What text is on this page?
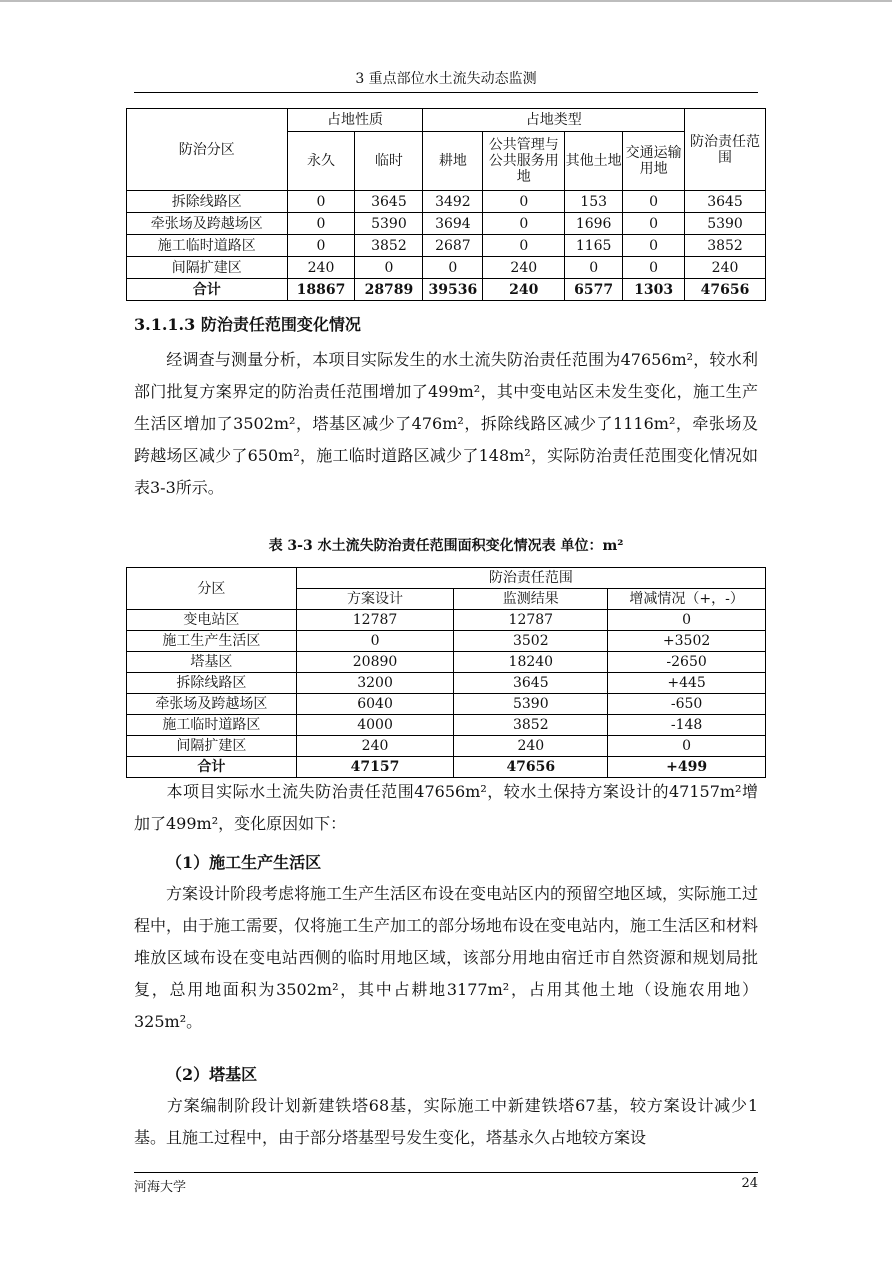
3 重点部位水土流失动态监测
防治分区	占地性质		占地类型				防治责任范围
	永久	临时	耕地	公共管理与公共服务用地	其他土地	交通运输用地	
拆除线路区	0	3645	3492	0	153	0	3645
牵张场及跨越场区	0	5390	3694	0	1696	0	5390
施工临时道路区	0	3852	2687	0	1165	0	3852
间隔扩建区	240	0	0	240	0	0	240
合计	18867	28789	39536	240	6577	1303	47656
3.1.1.3 防治责任范围变化情况
经调查与测量分析，本项目实际发生的水土流失防治责任范围为47656m²，较水利部门批复方案界定的防治责任范围增加了499m²，其中变电站区未发生变化，施工生产生活区增加了3502m²，塔基区减少了476m²，拆除线路区减少了1116m²，牵张场及跨越场区减少了650m²，施工临时道路区减少了148m²，实际防治责任范围变化情况如表3-3所示。
表 3-3 水土流失防治责任范围面积变化情况表 单位：m²
分区	防治责任范围		
	方案设计	监测结果	增减情况（+，-）
变电站区	12787	12787	0
施工生产生活区	0	3502	+3502
塔基区	20890	18240	-2650
拆除线路区	3200	3645	+445
牵张场及跨越场区	6040	5390	-650
施工临时道路区	4000	3852	-148
间隔扩建区	240	240	0
合计	47157	47656	+499
本项目实际水土流失防治责任范围47656m²，较水土保持方案设计的47157m²增加了499m²，变化原因如下：
（1）施工生产生活区
方案设计阶段考虑将施工生产生活区布设在变电站区内的预留空地区域，实际施工过程中，由于施工需要，仅将施工生产加工的部分场地布设在变电站内，施工生活区和材料堆放区域布设在变电站西侧的临时用地区域，该部分用地由宿迁市自然资源和规划局批复，总用地面积为3502m²，其中占耕地3177m²，占用其他土地（设施农用地）325m²。
（2）塔基区
方案编制阶段计划新建铁塔68基，实际施工中新建铁塔67基，较方案设计减少1基。且施工过程中，由于部分塔基型号发生变化，塔基永久占地较方案设
河海大学	24
